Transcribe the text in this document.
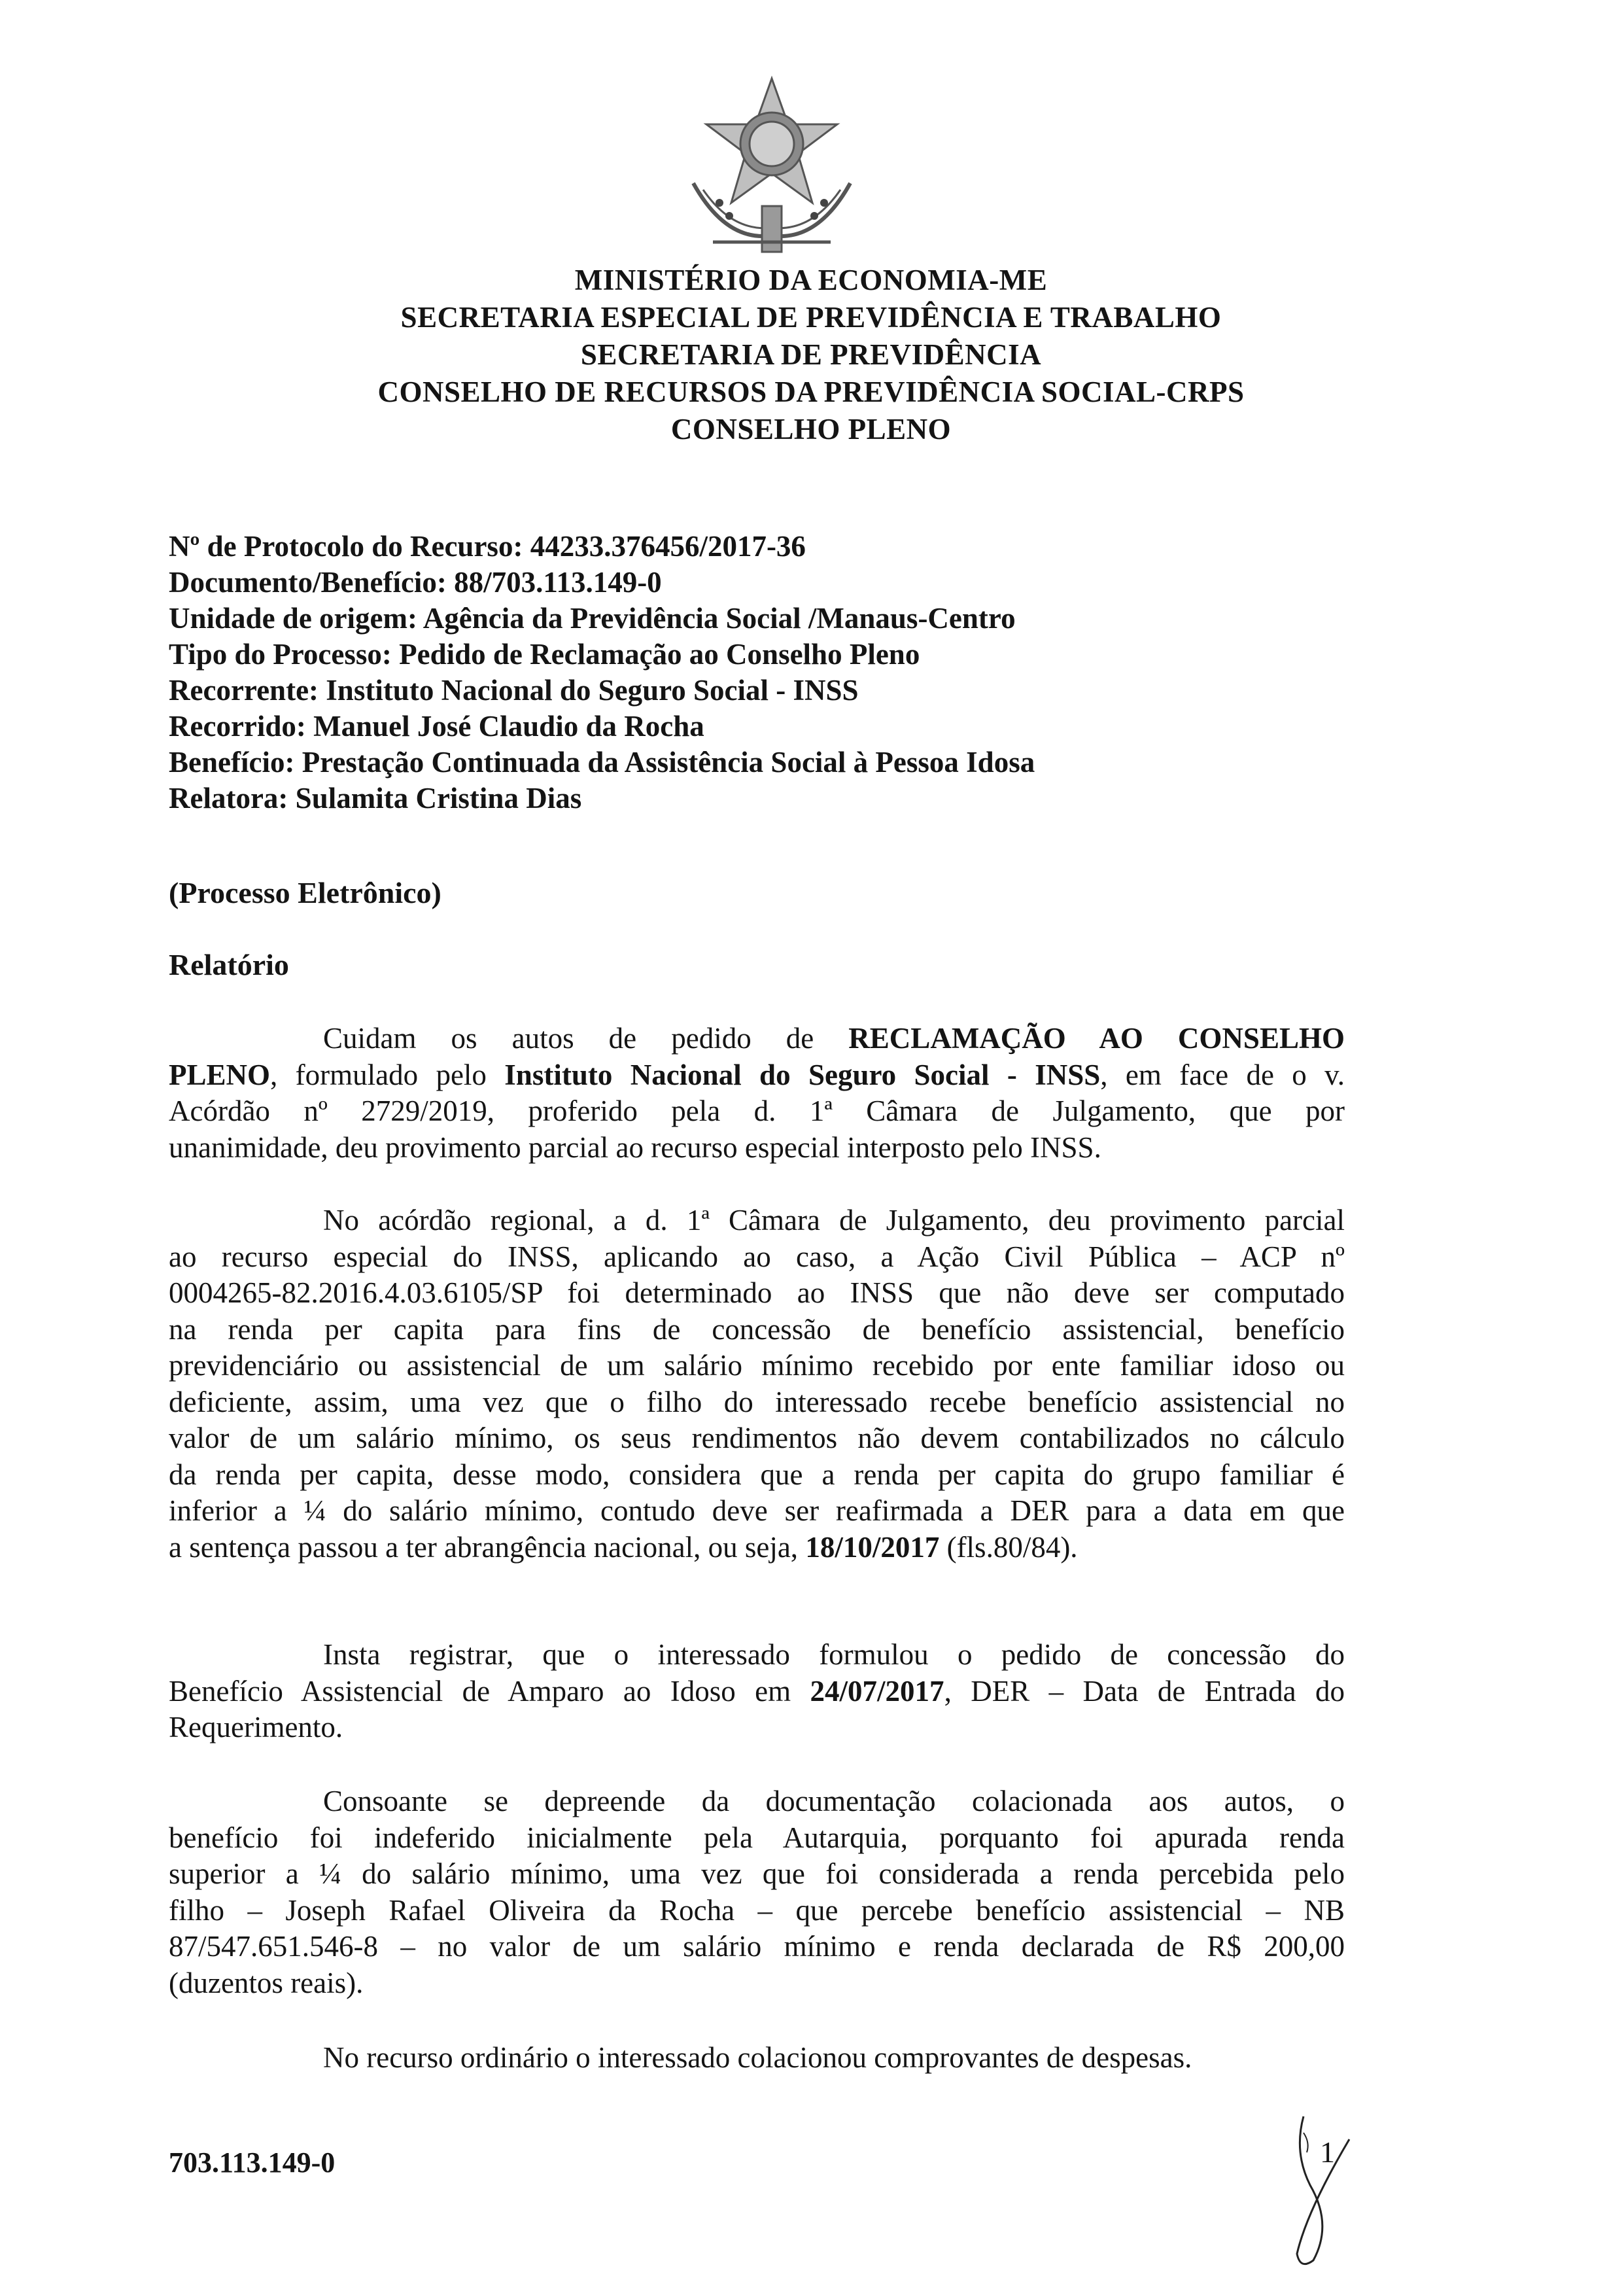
MINISTÉRIO DA ECONOMIA-ME
SECRETARIA ESPECIAL DE PREVIDÊNCIA E TRABALHO
SECRETARIA DE PREVIDÊNCIA
CONSELHO DE RECURSOS DA PREVIDÊNCIA SOCIAL-CRPS
CONSELHO PLENO
Nº de Protocolo do Recurso: 44233.376456/2017-36
Documento/Benefício: 88/703.113.149-0
Unidade de origem: Agência da Previdência Social /Manaus-Centro
Tipo do Processo: Pedido de Reclamação ao Conselho Pleno
Recorrente: Instituto Nacional do Seguro Social - INSS
Recorrido: Manuel José Claudio da Rocha
Benefício: Prestação Continuada da Assistência Social à Pessoa Idosa
Relatora: Sulamita Cristina Dias
(Processo Eletrônico)
Relatório
Cuidam os autos de pedido de RECLAMAÇÃO AO CONSELHO
PLENO, formulado pelo Instituto Nacional do Seguro Social - INSS, em face de o v.
Acórdão nº 2729/2019, proferido pela d. 1ª Câmara de Julgamento, que por
unanimidade, deu provimento parcial ao recurso especial interposto pelo INSS.
No acórdão regional, a d. 1ª Câmara de Julgamento, deu provimento parcial
ao recurso especial do INSS, aplicando ao caso, a Ação Civil Pública – ACP nº
0004265-82.2016.4.03.6105/SP foi determinado ao INSS que não deve ser computado
na renda per capita para fins de concessão de benefício assistencial, benefício
previdenciário ou assistencial de um salário mínimo recebido por ente familiar idoso ou
deficiente, assim, uma vez que o filho do interessado recebe benefício assistencial no
valor de um salário mínimo, os seus rendimentos não devem contabilizados no cálculo
da renda per capita, desse modo, considera que a renda per capita do grupo familiar é
inferior a ¼ do salário mínimo, contudo deve ser reafirmada a DER para a data em que
a sentença passou a ter abrangência nacional, ou seja, 18/10/2017 (fls.80/84).
Insta registrar, que o interessado formulou o pedido de concessão do
Benefício Assistencial de Amparo ao Idoso em 24/07/2017, DER – Data de Entrada do
Requerimento.
Consoante se depreende da documentação colacionada aos autos, o
benefício foi indeferido inicialmente pela Autarquia, porquanto foi apurada renda
superior a ¼ do salário mínimo, uma vez que foi considerada a renda percebida pelo
filho – Joseph Rafael Oliveira da Rocha – que percebe benefício assistencial – NB
87/547.651.546-8 – no valor de um salário mínimo e renda declarada de R$ 200,00
(duzentos reais).
No recurso ordinário o interessado colacionou comprovantes de despesas.
703.113.149-0	1
